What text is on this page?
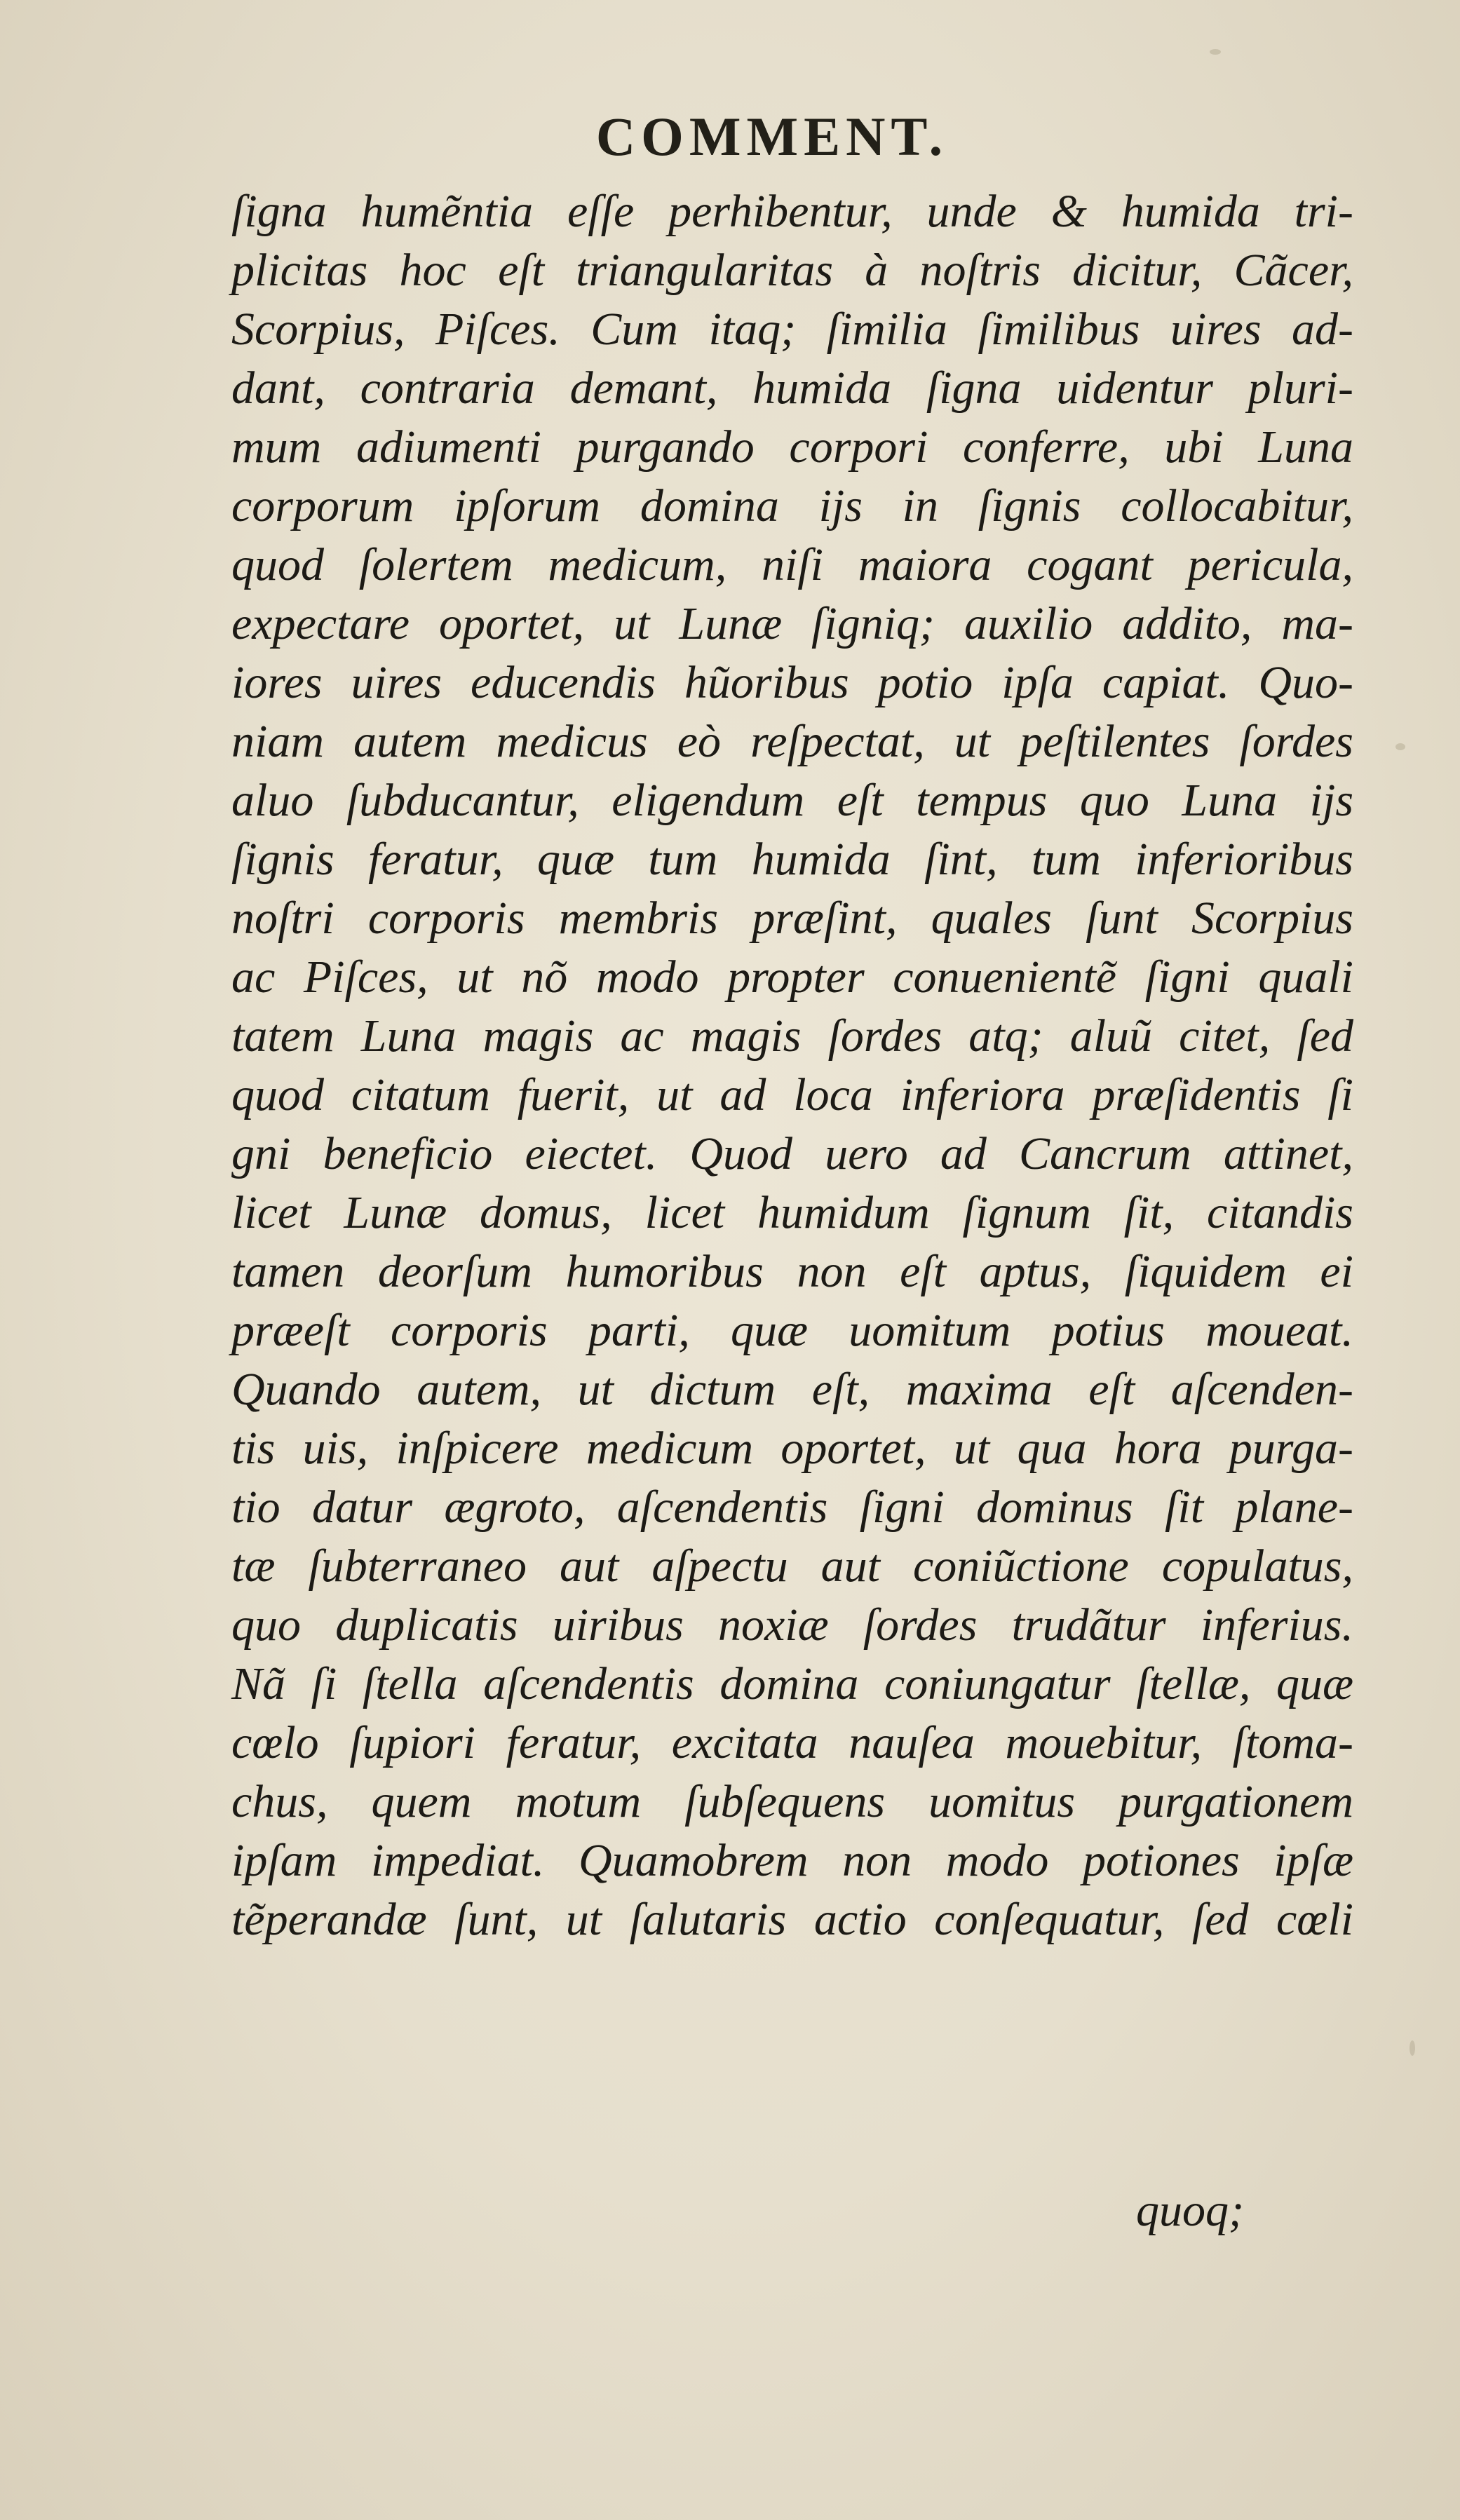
COMMENT.
ſigna humẽntia eſſe perhibentur, unde & humida tri-
plicitas hoc eſt triangularitas à noſtris dicitur, Cãcer,
Scorpius, Piſces. Cum itaq; ſimilia ſimilibus uires ad-
dant, contraria demant, humida ſigna uidentur pluri-
mum adiumenti purgando corpori conferre, ubi Luna
corporum ipſorum domina ijs in ſignis collocabitur,
quod ſolertem medicum, niſi maiora cogant pericula,
expectare oportet, ut Lunæ ſigniq; auxilio addito, ma-
iores uires educendis hũoribus potio ipſa capiat. Quo-
niam autem medicus eò reſpectat, ut peſtilentes ſordes
aluo ſubducantur, eligendum eſt tempus quo Luna ijs
ſignis feratur, quæ tum humida ſint, tum inferioribus
noſtri corporis membris præſint, quales ſunt Scorpius
ac Piſces, ut nõ modo propter conuenientẽ ſigni quali
tatem Luna magis ac magis ſordes atq; aluũ citet, ſed
quod citatum fuerit, ut ad loca inferiora præſidentis ſi
gni beneficio eiectet. Quod uero ad Cancrum attinet,
licet Lunæ domus, licet humidum ſignum ſit, citandis
tamen deorſum humoribus non eſt aptus, ſiquidem ei
præeſt corporis parti, quæ uomitum potius moueat.
Quando autem, ut dictum eſt, maxima eſt aſcenden-
tis uis, inſpicere medicum oportet, ut qua hora purga-
tio datur ægroto, aſcendentis ſigni dominus ſit plane-
tæ ſubterraneo aut aſpectu aut coniũctione copulatus,
quo duplicatis uiribus noxiæ ſordes trudãtur inferius.
Nã ſi ſtella aſcendentis domina coniungatur ſtellæ, quæ
cœlo ſupiori feratur, excitata nauſea mouebitur, ſtoma-
chus, quem motum ſubſequens uomitus purgationem
ipſam impediat. Quamobrem non modo potiones ipſæ
tẽperandæ ſunt, ut ſalutaris actio conſequatur, ſed cœli

quoq;
